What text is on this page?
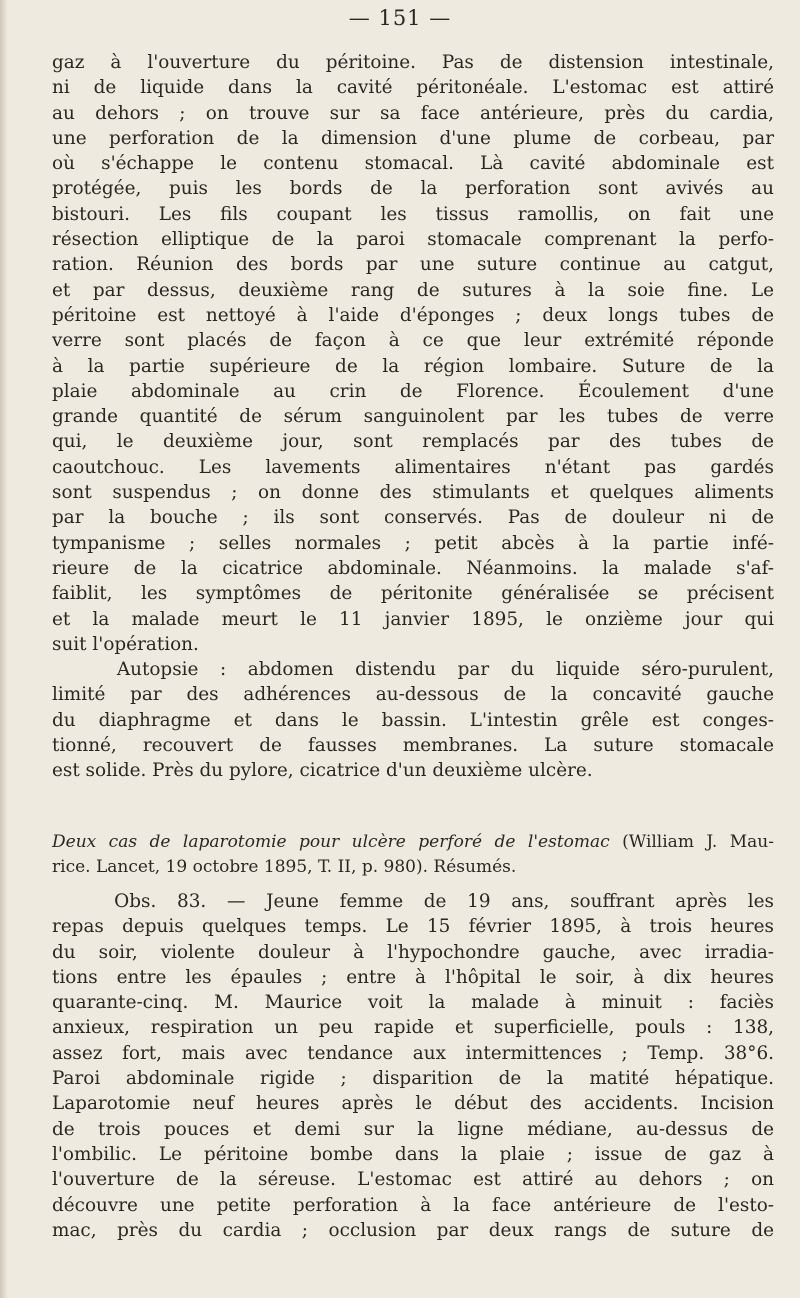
— 151 —
gaz à l'ouverture du péritoine. Pas de distension intestinale,
ni de liquide dans la cavité péritonéale. L'estomac est attiré
au dehors ; on trouve sur sa face antérieure, près du cardia,
une perforation de la dimension d'une plume de corbeau, par
où s'échappe le contenu stomacal. Là cavité abdominale est
protégée, puis les bords de la perforation sont avivés au
bistouri. Les fils coupant les tissus ramollis, on fait une
résection elliptique de la paroi stomacale comprenant la perfo-
ration. Réunion des bords par une suture continue au catgut,
et par dessus, deuxième rang de sutures à la soie fine. Le
péritoine est nettoyé à l'aide d'éponges ; deux longs tubes de
verre sont placés de façon à ce que leur extrémité réponde
à la partie supérieure de la région lombaire. Suture de la
plaie abdominale au crin de Florence. Écoulement d'une
grande quantité de sérum sanguinolent par les tubes de verre
qui, le deuxième jour, sont remplacés par des tubes de
caoutchouc. Les lavements alimentaires n'étant pas gardés
sont suspendus ; on donne des stimulants et quelques aliments
par la bouche ; ils sont conservés. Pas de douleur ni de
tympanisme ; selles normales ; petit abcès à la partie infé-
rieure de la cicatrice abdominale. Néanmoins. la malade s'af-
faiblit, les symptômes de péritonite généralisée se précisent
et la malade meurt le 11 janvier 1895, le onzième jour qui
suit l'opération.
Autopsie : abdomen distendu par du liquide séro-purulent,
limité par des adhérences au-dessous de la concavité gauche
du diaphragme et dans le bassin. L'intestin grêle est conges-
tionné, recouvert de fausses membranes. La suture stomacale
est solide. Près du pylore, cicatrice d'un deuxième ulcère.
Deux cas de laparotomie pour ulcère perforé de l'estomac (William J. Mau-
rice. Lancet, 19 octobre 1895, T. II, p. 980). Résumés.
Obs. 83. — Jeune femme de 19 ans, souffrant après les
repas depuis quelques temps. Le 15 février 1895, à trois heures
du soir, violente douleur à l'hypochondre gauche, avec irradia-
tions entre les épaules ; entre à l'hôpital le soir, à dix heures
quarante-cinq. M. Maurice voit la malade à minuit : faciès
anxieux, respiration un peu rapide et superficielle, pouls : 138,
assez fort, mais avec tendance aux intermittences ; Temp. 38°6.
Paroi abdominale rigide ; disparition de la matité hépatique.
Laparotomie neuf heures après le début des accidents. Incision
de trois pouces et demi sur la ligne médiane, au-dessus de
l'ombilic. Le péritoine bombe dans la plaie ; issue de gaz à
l'ouverture de la séreuse. L'estomac est attiré au dehors ; on
découvre une petite perforation à la face antérieure de l'esto-
mac, près du cardia ; occlusion par deux rangs de suture de
